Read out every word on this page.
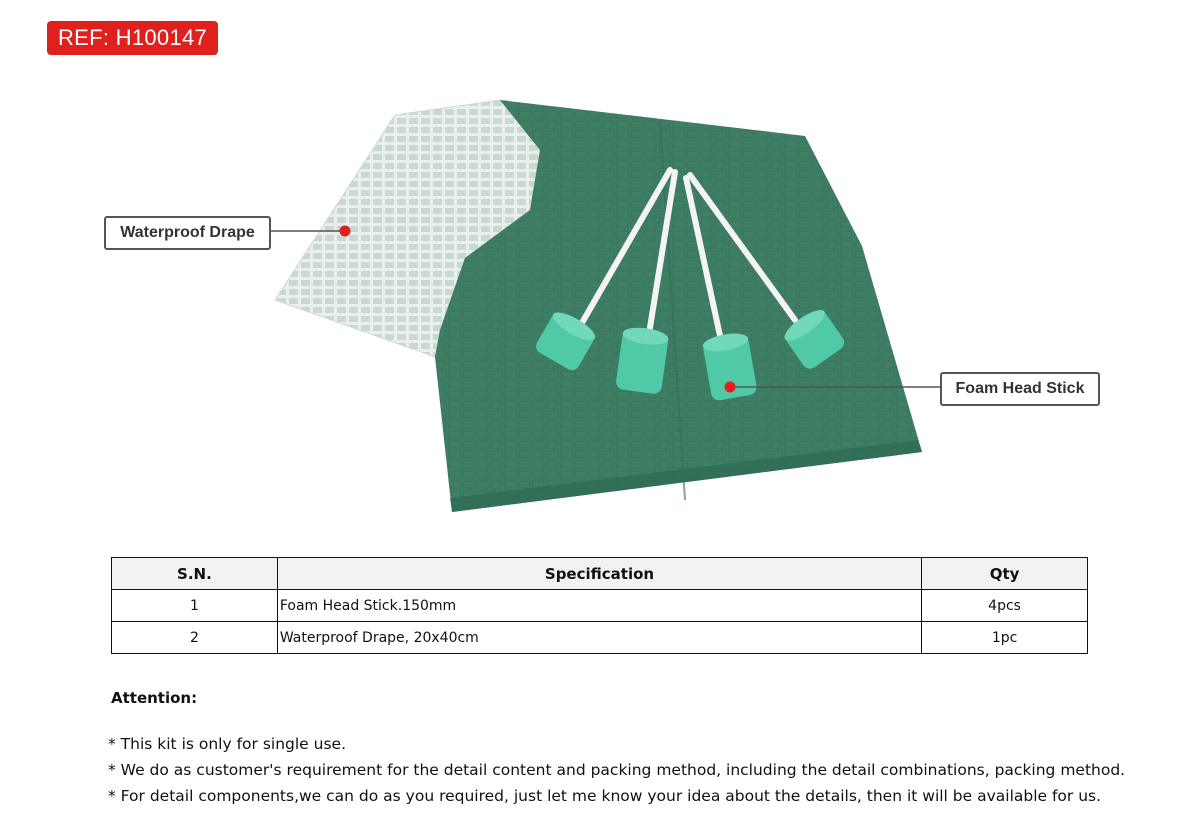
REF: H100147
Waterproof Drape
Foam Head Stick
S.N.	Specification	Qty
1	Foam Head Stick.150mm	4pcs
2	Waterproof Drape, 20x40cm	1pc
Attention:
* This kit is only for single use.
* We do as customer's requirement for the detail content and packing method, including the detail combinations, packing method.
* For detail components,we can do as you required, just let me know your idea about the details, then it will be available for us.
